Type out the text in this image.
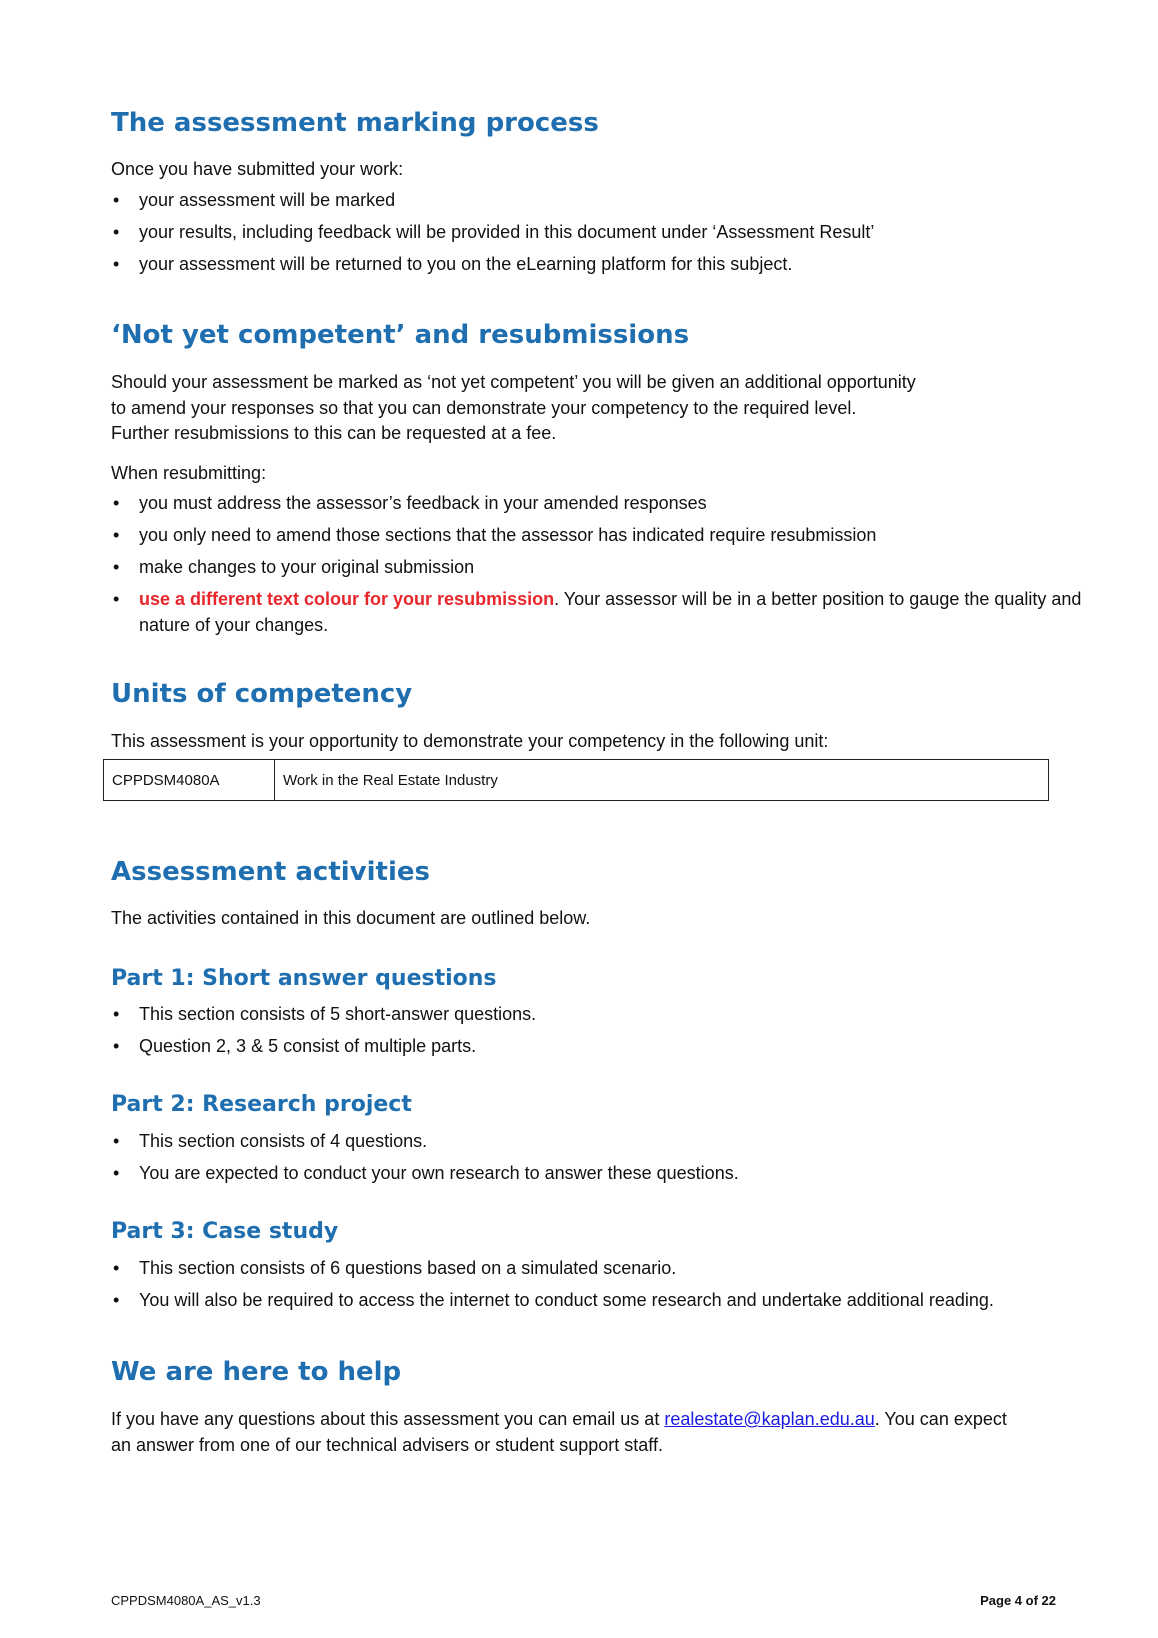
The assessment marking process

Once you have submitted your work:

• your assessment will be marked
• your results, including feedback will be provided in this document under ‘Assessment Result’
• your assessment will be returned to you on the eLearning platform for this subject.
‘Not yet competent’ and resubmissions

Should your assessment be marked as ‘not yet competent’ you will be given an additional opportunity

to amend your responses so that you can demonstrate your competency to the required level.

Further resubmissions to this can be requested at a fee.

When resubmitting:

• you must address the assessor’s feedback in your amended responses
• you only need to amend those sections that the assessor has indicated require resubmission
• make changes to your original submission
• use a different text colour for your resubmission. Your assessor will be in a better position to gauge the quality and nature of your changes.
Units of competency

This assessment is your opportunity to demonstrate your competency in the following unit:

CPPDSM4080A	Work in the Real Estate Industry
Assessment activities

The activities contained in this document are outlined below.

Part 1: Short answer questions
• This section consists of 5 short-answer questions.
• Question 2, 3 & 5 consist of multiple parts.
Part 2: Research project
• This section consists of 4 questions.
• You are expected to conduct your own research to answer these questions.
Part 3: Case study
• This section consists of 6 questions based on a simulated scenario.
• You will also be required to access the internet to conduct some research and undertake additional reading.
We are here to help

If you have any questions about this assessment you can email us at realestate@kaplan.edu.au. You can expect an answer from one of our technical advisers or student support staff.

CPPDSM4080A_AS_v1.3	Page 4 of 22
